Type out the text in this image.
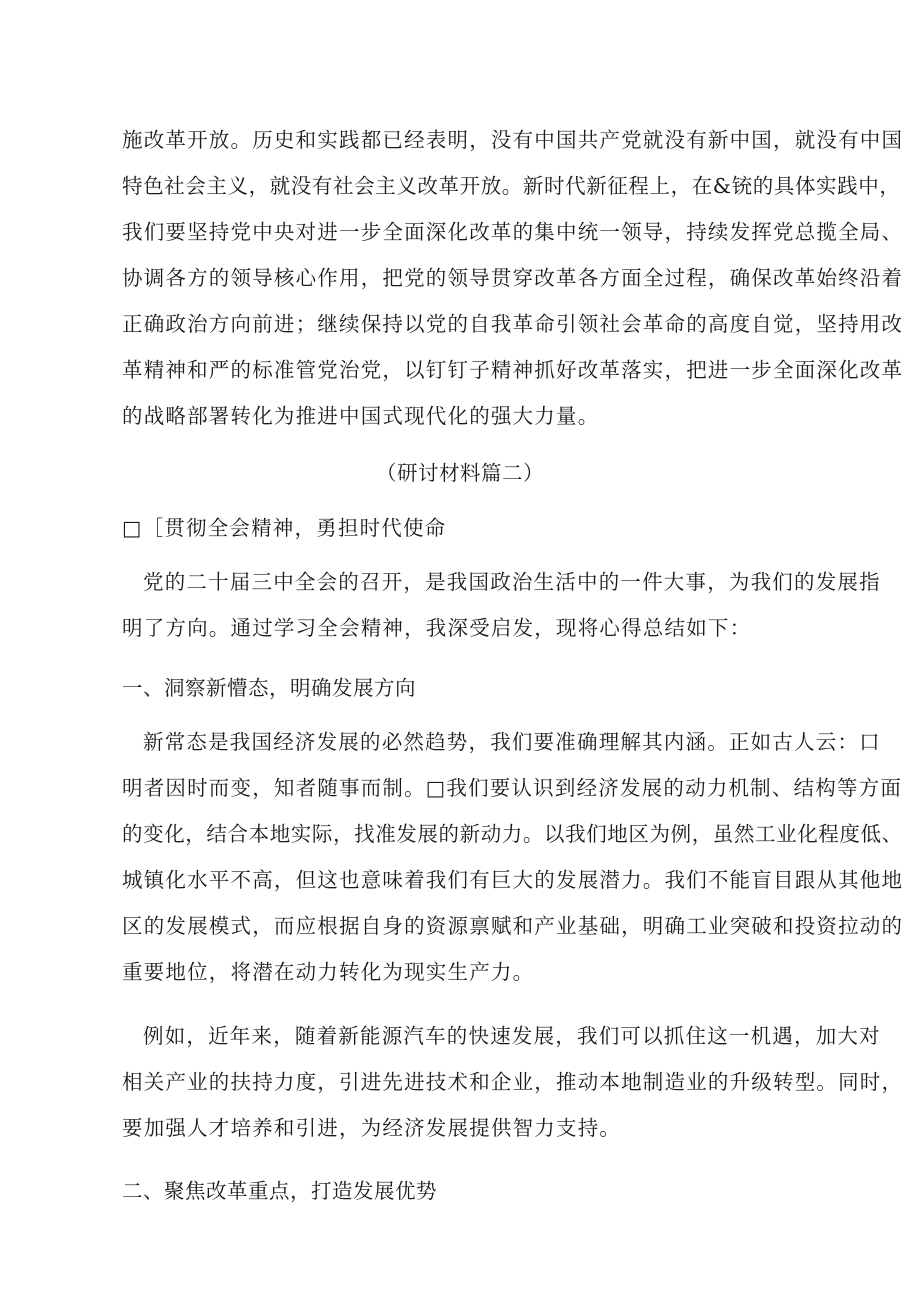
施改革开放。历史和实践都已经表明，没有中国共产党就没有新中国，就没有中国
特色社会主义，就没有社会主义改革开放。新时代新征程上，在&铳的具体实践中，
我们要坚持党中央对进一步全面深化改革的集中统一领导，持续发挥党总揽全局、
协调各方的领导核心作用，把党的领导贯穿改革各方面全过程，确保改革始终沿着
正确政治方向前进；继续保持以党的自我革命引领社会革命的高度自觉，坚持用改
革精神和严的标准管党治党，以钉钉子精神抓好改革落实，把进一步全面深化改革
的战略部署转化为推进中国式现代化的强大力量。
（研讨材料篇二）
□［贯彻全会精神，勇担时代使命
党的二十届三中全会的召开，是我国政治生活中的一件大事，为我们的发展指
明了方向。通过学习全会精神，我深受启发，现将心得总结如下：
一、洞察新懵态，明确发展方向
新常态是我国经济发展的必然趋势，我们要准确理解其内涵。正如古人云：口
明者因时而变，知者随事而制。□我们要认识到经济发展的动力机制、结构等方面
的变化，结合本地实际，找准发展的新动力。以我们地区为例，虽然工业化程度低、
城镇化水平不高，但这也意味着我们有巨大的发展潜力。我们不能盲目跟从其他地
区的发展模式，而应根据自身的资源禀赋和产业基础，明确工业突破和投资拉动的
重要地位，将潜在动力转化为现实生产力。
例如，近年来，随着新能源汽车的快速发展，我们可以抓住这一机遇，加大对
相关产业的扶持力度，引进先进技术和企业，推动本地制造业的升级转型。同时，
要加强人才培养和引进，为经济发展提供智力支持。
二、聚焦改革重点，打造发展优势
